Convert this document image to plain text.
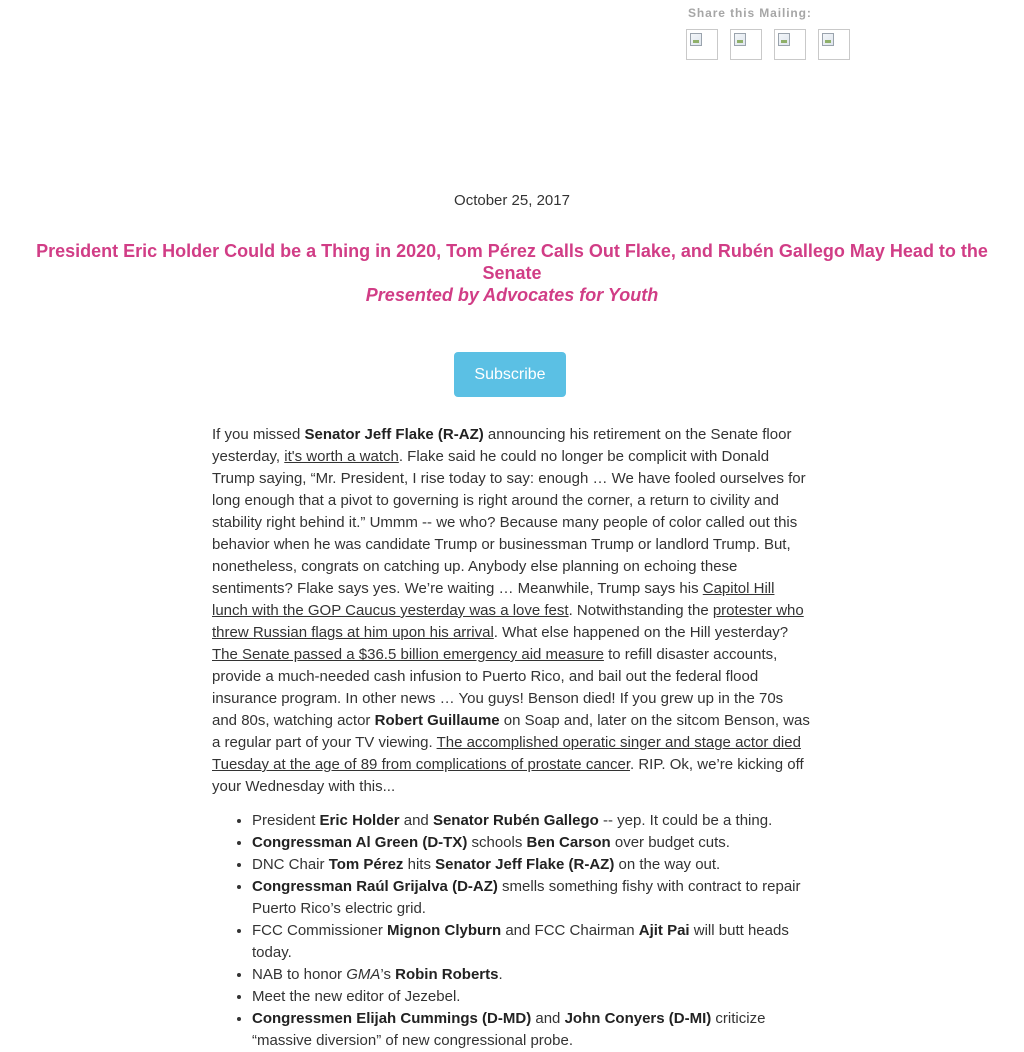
Share this Mailing:
October 25, 2017
President Eric Holder Could be a Thing in 2020, Tom Pérez Calls Out Flake, and Rubén Gallego May Head to the Senate
Presented by Advocates for Youth
Subscribe

If you missed Senator Jeff Flake (R-AZ) announcing his retirement on the Senate floor yesterday, it's worth a watch. Flake said he could no longer be complicit with Donald Trump saying, “Mr. President, I rise today to say: enough … We have fooled ourselves for long enough that a pivot to governing is right around the corner, a return to civility and stability right behind it.” Ummm -- we who? Because many people of color called out this behavior when he was candidate Trump or businessman Trump or landlord Trump. But, nonetheless, congrats on catching up. Anybody else planning on echoing these sentiments? Flake says yes. We’re waiting … Meanwhile, Trump says his Capitol Hill lunch with the GOP Caucus yesterday was a love fest. Notwithstanding the protester who threw Russian flags at him upon his arrival. What else happened on the Hill yesterday? The Senate passed a $36.5 billion emergency aid measure to refill disaster accounts, provide a much-needed cash infusion to Puerto Rico, and bail out the federal flood insurance program. In other news … You guys! Benson died! If you grew up in the 70s and 80s, watching actor Robert Guillaume on Soap and, later on the sitcom Benson, was a regular part of your TV viewing. The accomplished operatic singer and stage actor died Tuesday at the age of 89 from complications of prostate cancer. RIP. Ok, we’re kicking off your Wednesday with this...

• President Eric Holder and Senator Rubén Gallego -- yep. It could be a thing.
• Congressman Al Green (D-TX) schools Ben Carson over budget cuts.
• DNC Chair Tom Pérez hits Senator Jeff Flake (R-AZ) on the way out.
• Congressman Raúl Grijalva (D-AZ) smells something fishy with contract to repair Puerto Rico’s electric grid.
• FCC Commissioner Mignon Clyburn and FCC Chairman Ajit Pai will butt heads today.
• NAB to honor GMA’s Robin Roberts.
• Meet the new editor of Jezebel.
• Congressmen Elijah Cummings (D-MD) and John Conyers (D-MI) criticize “massive diversion” of new congressional probe.
